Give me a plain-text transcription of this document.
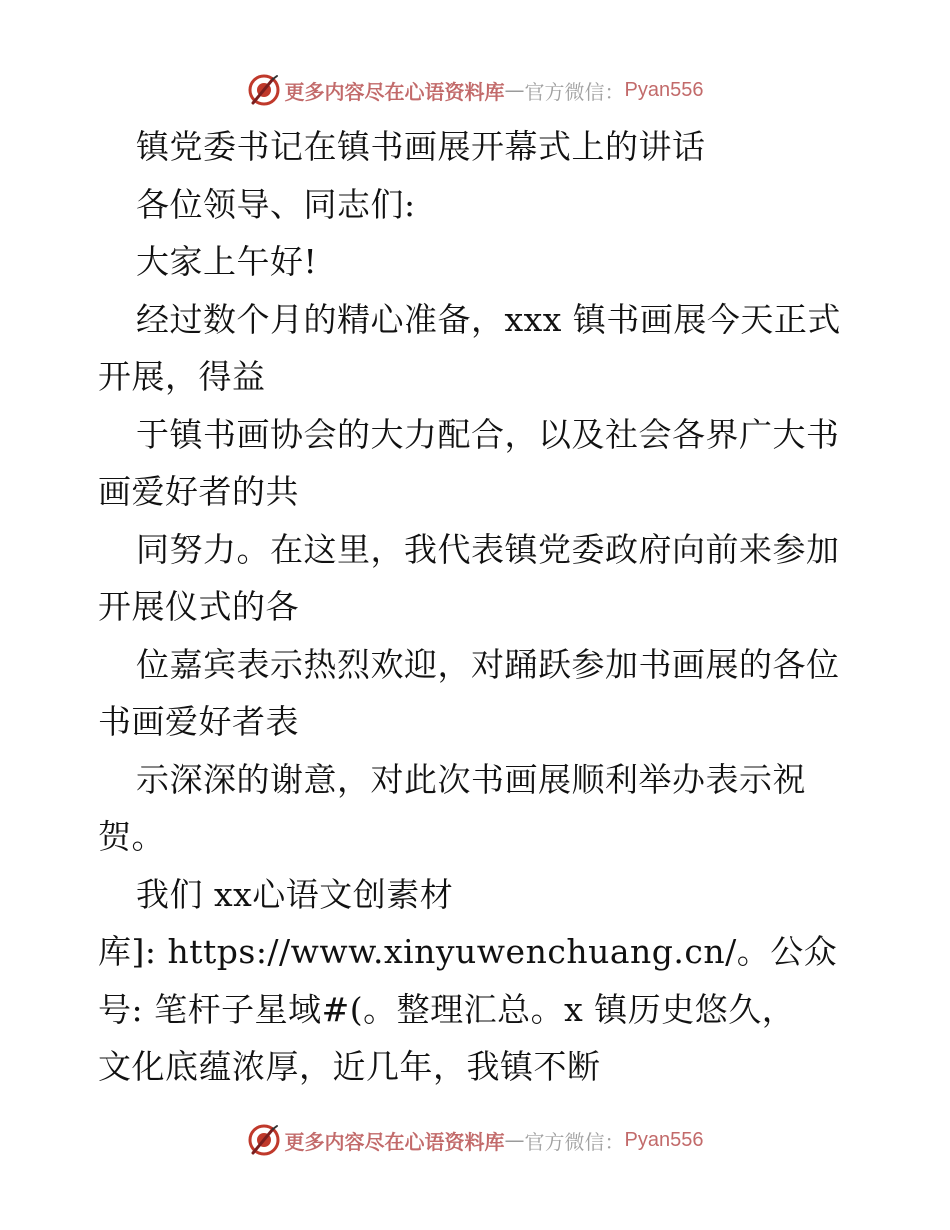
更多内容尽在心语资料库 — 官方微信： Pyan556
镇党委书记在镇书画展开幕式上的讲话
各位领导、同志们:
大家上午好!
经过数个月的精心准备，xxx 镇书画展今天正式
开展，得益
于镇书画协会的大力配合，以及社会各界广大书
画爱好者的共
同努力。在这里，我代表镇党委政府向前来参加
开展仪式的各
位嘉宾表示热烈欢迎，对踊跃参加书画展的各位
书画爱好者表
示深深的谢意，对此次书画展顺利举办表示祝
贺。
我们 xx心语文创素材
库]: https://www.xinyuwenchuang.cn/。公众
号: 笔杆子星域#(。整理汇总。x 镇历史悠久，
文化底蕴浓厚，近几年，我镇不断
更多内容尽在心语资料库 — 官方微信： Pyan556
